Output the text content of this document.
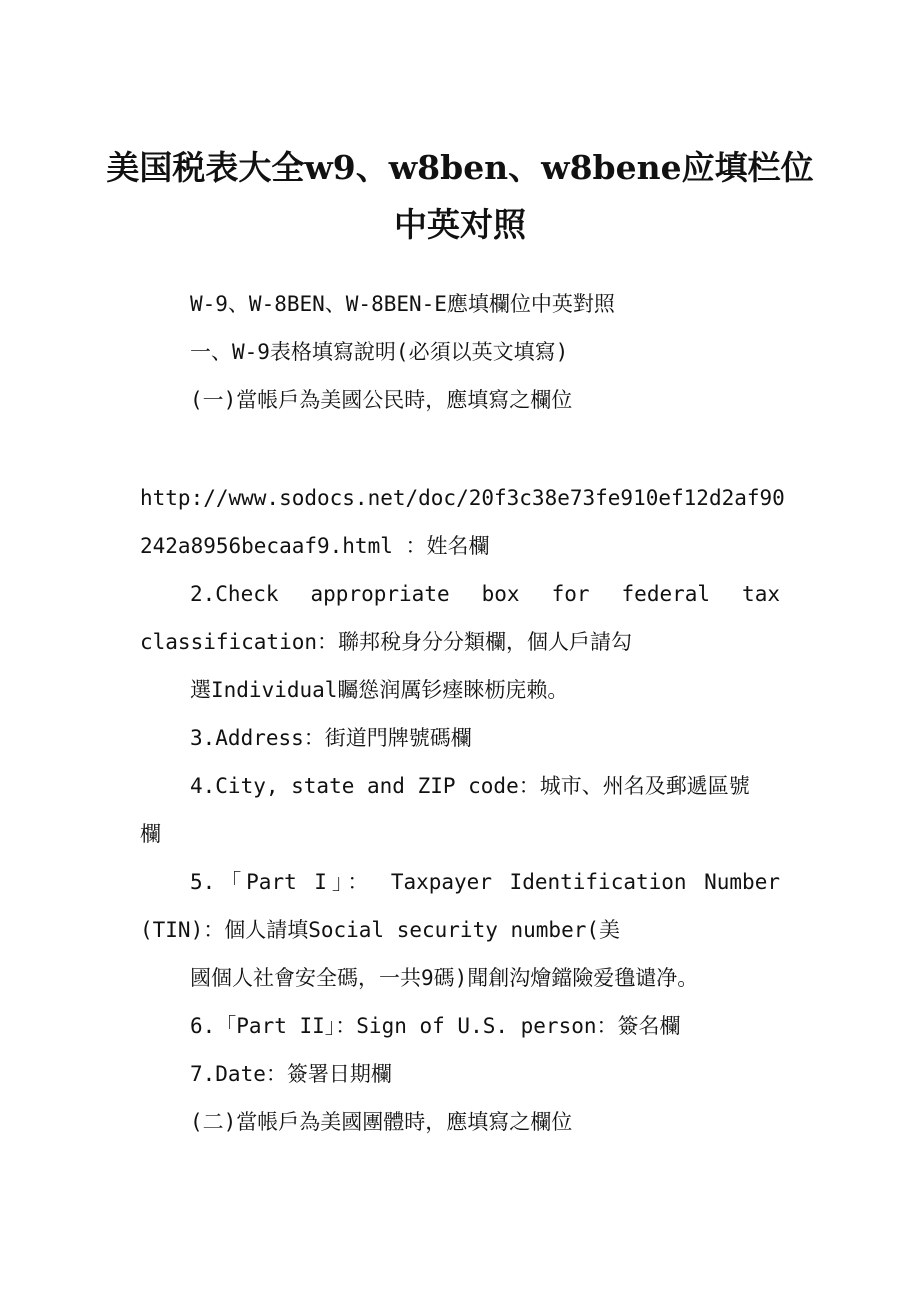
美国税表大全w9、w8ben、w8bene应填栏位
中英对照
W-9、W-8BEN、W-8BEN-E應填欄位中英對照
一、W-9表格填寫說明(必須以英文填寫)
(一)當帳戶為美國公民時，應填寫之欄位
http://www.sodocs.net/doc/20f3c38e73fe910ef12d2af90
242a8956becaaf9.html ：姓名欄
2.Check appropriate box for federal tax
classification：聯邦稅身分分類欄，個人戶請勾
選Individual矚慫润厲钐瘗睞枥庑赖。
3.Address：街道門牌號碼欄
4.City, state and ZIP code：城市、州名及郵遞區號
欄
5.「Part I」： Taxpayer Identification Number
(TIN)：個人請填Social security number(美
國個人社會安全碼，一共9碼)聞創沟燴鐺險爱氇谴净。
6.「Part II」：Sign of U.S. person：簽名欄
7.Date：簽署日期欄
(二)當帳戶為美國團體時，應填寫之欄位
